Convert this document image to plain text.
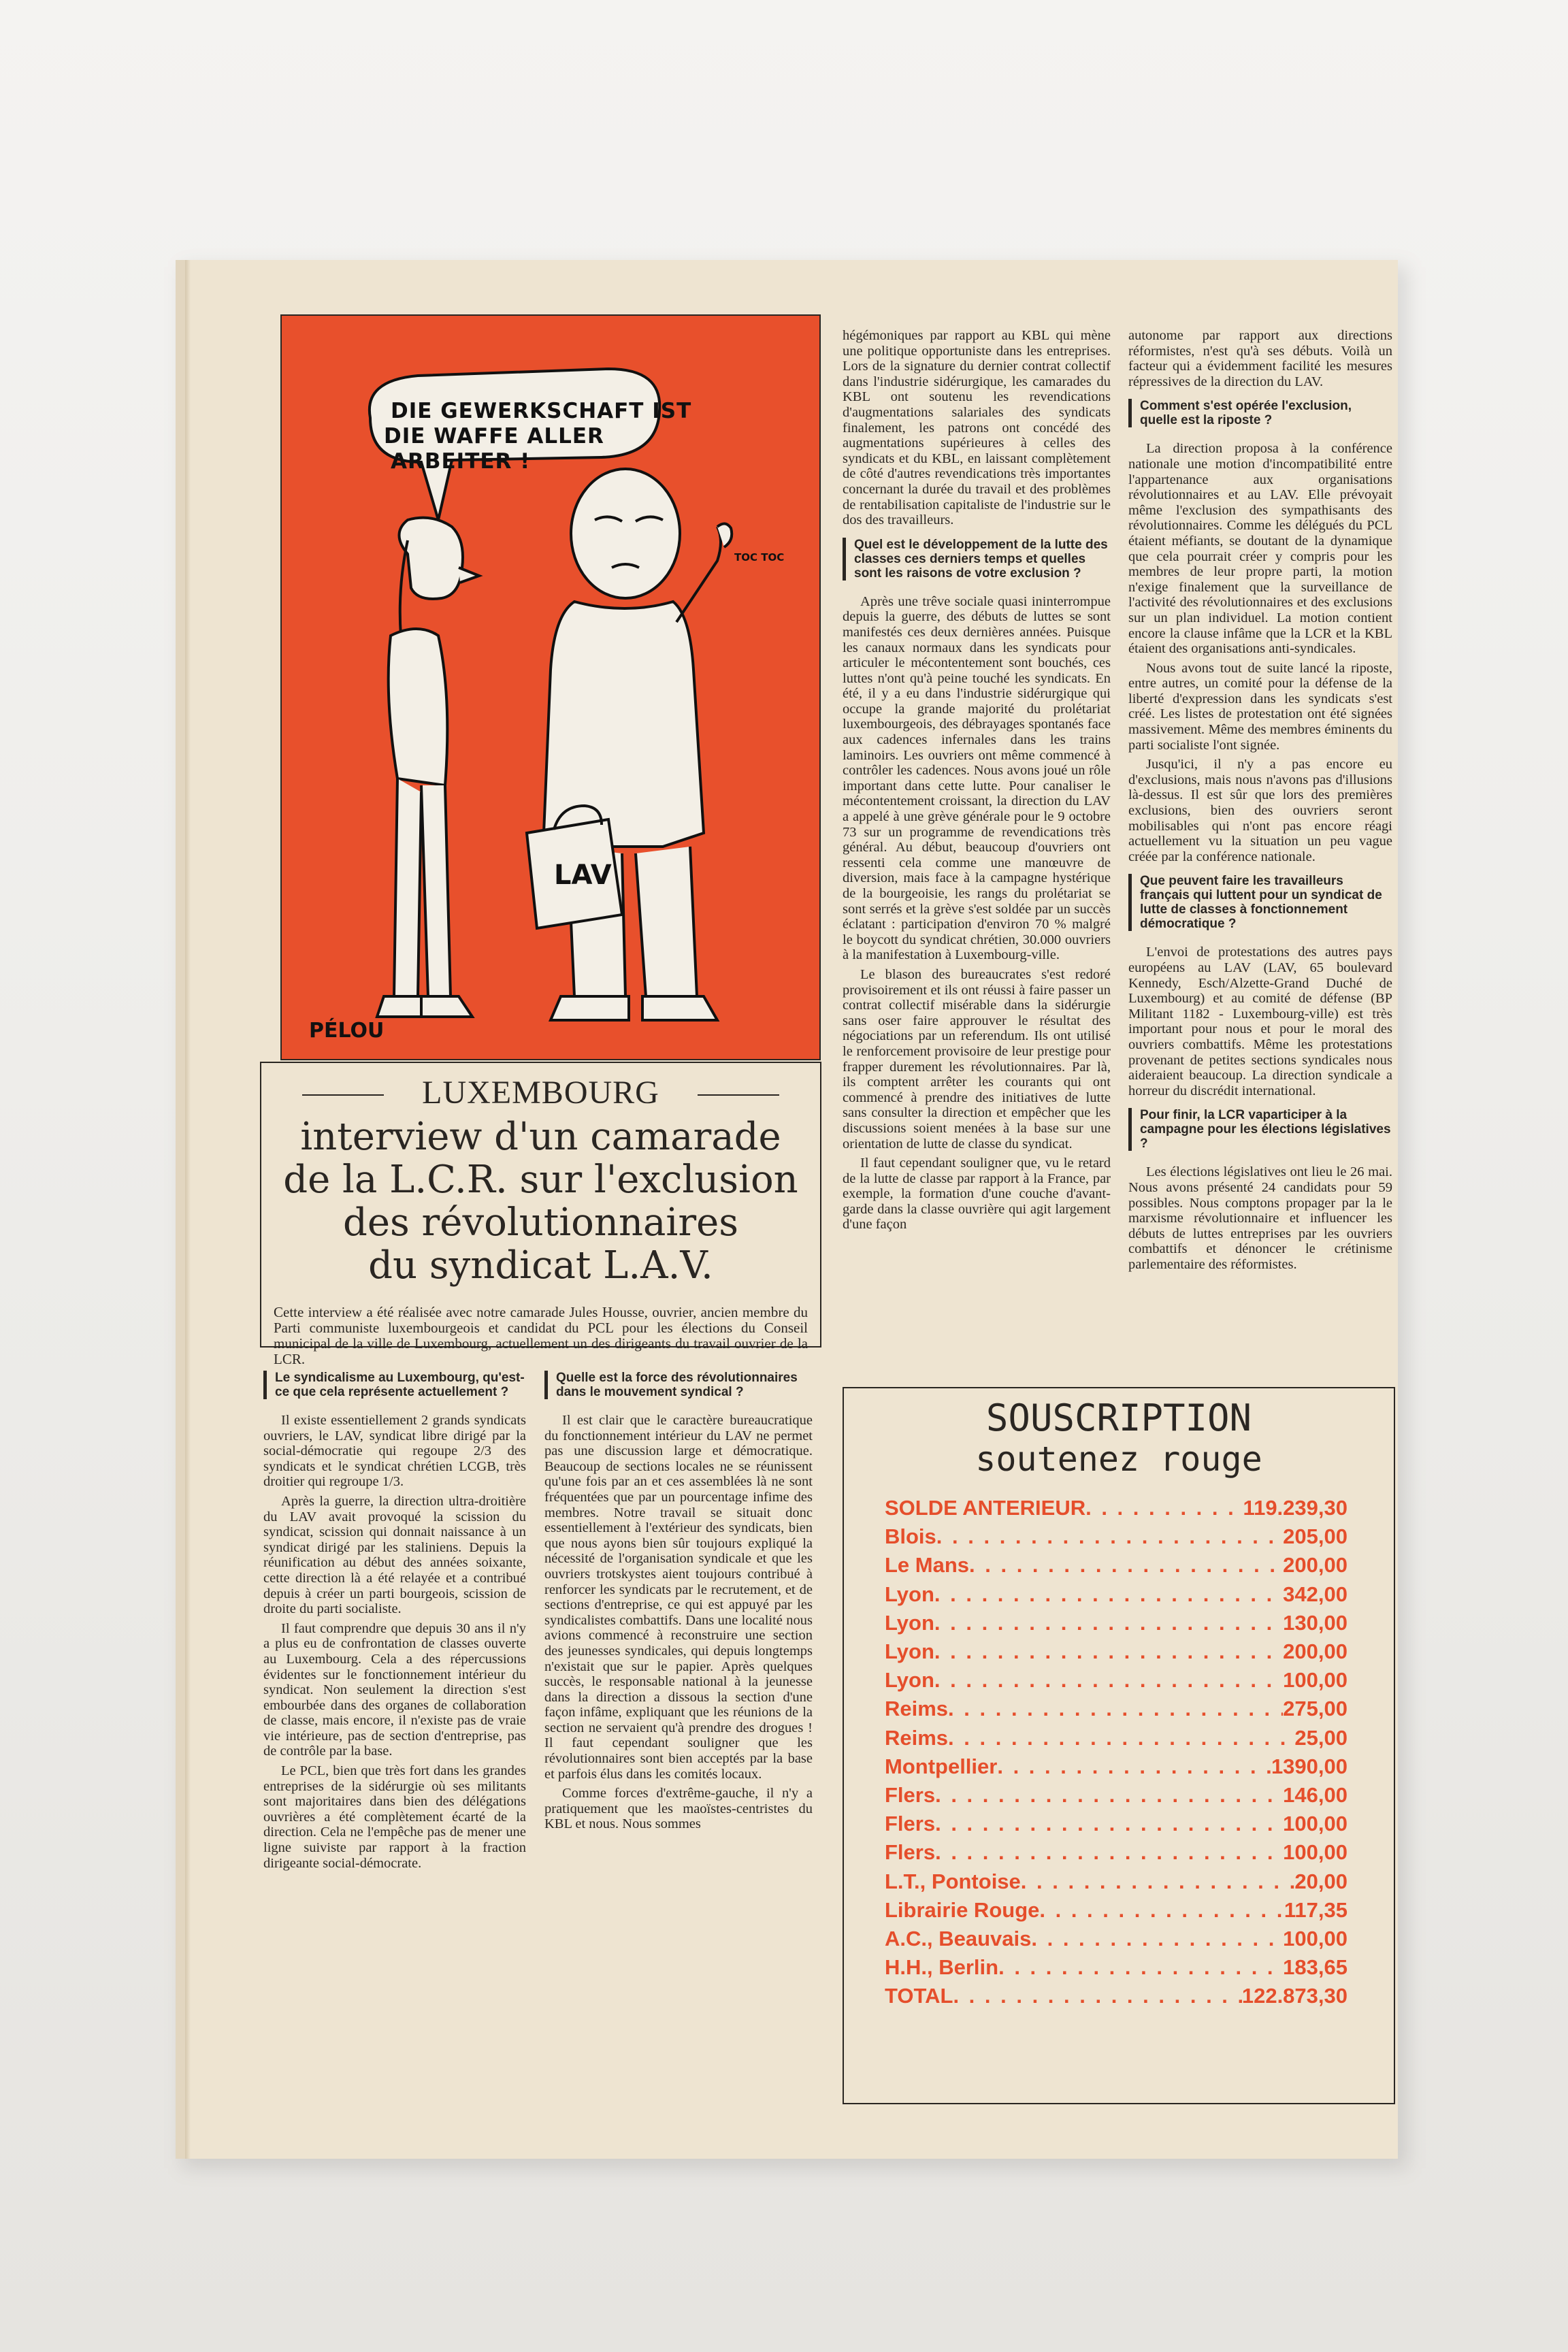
DIE GEWERKSCHAFT IST
DIE WAFFE ALLER
ARBEITER !
LAV
TOC TOC
PÉLOU
LUXEMBOURG
interview d'un camarade
de la L.C.R. sur l'exclusion
des révolutionnaires
du syndicat L.A.V.
Cette interview a été réalisée avec notre camarade Jules Housse, ouvrier, ancien membre du Parti communiste luxembourgeois et candidat du PCL pour les élections du Conseil municipal de la ville de Luxembourg, actuellement un des dirigeants du travail ouvrier de la LCR.
Le syndicalisme au Luxembourg, qu'est-ce que cela représente actuellement ?

Il existe essentiellement 2 grands syndicats ouvriers, le LAV, syndicat libre dirigé par la social-démocratie qui regoupe 2/3 des syndicats et le syndicat chrétien LCGB, très droitier qui regroupe 1/3.

Après la guerre, la direction ultra-droitière du LAV avait provoqué la scission du syndicat, scission qui donnait naissance à un syndicat dirigé par les staliniens. Depuis la réunification au début des années soixante, cette direction là a été relayée et a contribué depuis à créer un parti bourgeois, scission de droite du parti socialiste.

Il faut comprendre que depuis 30 ans il n'y a plus eu de confrontation de classes ouverte au Luxembourg. Cela a des répercussions évidentes sur le fonctionnement intérieur du syndicat. Non seulement la direction s'est embourbée dans des organes de collaboration de classe, mais encore, il n'existe pas de vraie vie intérieure, pas de section d'entreprise, pas de contrôle par la base.

Le PCL, bien que très fort dans les grandes entreprises de la sidérurgie où ses militants sont majoritaires dans bien des délégations ouvrières a été complètement écarté de la direction. Cela ne l'empêche pas de mener une ligne suiviste par rapport à la fraction dirigeante social-démocrate.

Quelle est la force des révolutionnaires dans le mouvement syndical ?

Il est clair que le caractère bureaucratique du fonctionnement intérieur du LAV ne permet pas une discussion large et démocratique. Beaucoup de sections locales ne se réunissent qu'une fois par an et ces assemblées là ne sont fréquentées que par un pourcentage infime des membres. Notre travail se situait donc essentiellement à l'extérieur des syndicats, bien que nous ayons bien sûr toujours expliqué la nécessité de l'organisation syndicale et que les ouvriers trotskystes aient toujours contribué à renforcer les syndicats par le recrutement, et de sections d'entreprise, ce qui est appuyé par les syndicalistes combattifs. Dans une localité nous avions commencé à reconstruire une section des jeunesses syndicales, qui depuis longtemps n'existait que sur le papier. Après quelques succès, le responsable national à la jeunesse dans la direction a dissous la section d'une façon infâme, expliquant que les réunions de la section ne servaient qu'à prendre des drogues ! Il faut cependant souligner que les révolutionnaires sont bien acceptés par la base et parfois élus dans les comités locaux.

Comme forces d'extrême-gauche, il n'y a pratiquement que les maoïstes-centristes du KBL et nous. Nous sommes

hégémoniques par rapport au KBL qui mène une politique opportuniste dans les entreprises. Lors de la signature du dernier contrat collectif dans l'industrie sidérurgique, les camarades du KBL ont soutenu les revendications d'augmentations salariales des syndicats finalement, les patrons ont concédé des augmentations supérieures à celles des syndicats et du KBL, en laissant complètement de côté d'autres revendications très importantes concernant la durée du travail et des problèmes de rentabilisation capitaliste de l'industrie sur le dos des travailleurs.

Quel est le développement de la lutte des classes ces derniers temps et quelles sont les raisons de votre exclusion ?

Après une trêve sociale quasi ininterrompue depuis la guerre, des débuts de luttes se sont manifestés ces deux dernières années. Puisque les canaux normaux dans les syndicats pour articuler le mécontentement sont bouchés, ces luttes n'ont qu'à peine touché les syndicats. En été, il y a eu dans l'industrie sidérurgique qui occupe la grande majorité du prolétariat luxembourgeois, des débrayages spontanés face aux cadences infernales dans les trains laminoirs. Les ouvriers ont même commencé à contrôler les cadences. Nous avons joué un rôle important dans cette lutte. Pour canaliser le mécontentement croissant, la direction du LAV a appelé à une grève générale pour le 9 octobre 73 sur un programme de revendications très général. Au début, beaucoup d'ouvriers ont ressenti cela comme une manœuvre de diversion, mais face à la campagne hystérique de la bourgeoisie, les rangs du prolétariat se sont serrés et la grève s'est soldée par un succès éclatant : participation d'environ 70 % malgré le boycott du syndicat chrétien, 30.000 ouvriers à la manifestation à Luxembourg-ville.

Le blason des bureaucrates s'est redoré provisoirement et ils ont réussi à faire passer un contrat collectif misérable dans la sidérurgie sans oser faire approuver le résultat des négociations par un referendum. Ils ont utilisé le renforcement provisoire de leur prestige pour frapper durement les révolutionnaires. Par là, ils comptent arrêter les courants qui ont commencé à prendre des initiatives de lutte sans consulter la direction et empêcher que les discussions soient menées à la base sur une orientation de lutte de classe du syndicat.

Il faut cependant souligner que, vu le retard de la lutte de classe par rapport à la France, par exemple, la formation d'une couche d'avant-garde dans la classe ouvrière qui agit largement d'une façon

autonome par rapport aux directions réformistes, n'est qu'à ses débuts. Voilà un facteur qui a évidemment facilité les mesures répressives de la direction du LAV.

Comment s'est opérée l'exclusion, quelle est la riposte ?

La direction proposa à la conférence nationale une motion d'incompatibilité entre l'appartenance aux organisations révolutionnaires et au LAV. Elle prévoyait même l'exclusion des sympathisants des révolutionnaires. Comme les délégués du PCL étaient méfiants, se doutant de la dynamique que cela pourrait créer y compris pour les membres de leur propre parti, la motion n'exige finalement que la surveillance de l'activité des révolutionnaires et des exclusions sur un plan individuel. La motion contient encore la clause infâme que la LCR et la KBL étaient des organisations anti-syndicales.

Nous avons tout de suite lancé la riposte, entre autres, un comité pour la défense de la liberté d'expression dans les syndicats s'est créé. Les listes de protestation ont été signées massivement. Même des membres éminents du parti socialiste l'ont signée.

Jusqu'ici, il n'y a pas encore eu d'exclusions, mais nous n'avons pas d'illusions là-dessus. Il est sûr que lors des premières exclusions, bien des ouvriers seront mobilisables qui n'ont pas encore réagi actuellement vu la situation un peu vague créée par la conférence nationale.

Que peuvent faire les travailleurs français qui luttent pour un syndicat de lutte de classes à fonctionnement démocratique ?

L'envoi de protestations des autres pays européens au LAV (LAV, 65 boulevard Kennedy, Esch/Alzette-Grand Duché de Luxembourg) et au comité de défense (BP Militant 1182 - Luxembourg-ville) est très important pour nous et pour le moral des ouvriers combattifs. Même les protestations provenant de petites sections syndicales nous aideraient beaucoup. La direction syndicale a horreur du discrédit international.

Pour finir, la LCR vaparticiper à la campagne pour les élections législatives ?

Les élections législatives ont lieu le 26 mai. Nous avons présenté 24 candidats pour 59 possibles. Nous comptons propager par la le marxisme révolutionnaire et influencer les débuts de luttes entreprises par les ouvriers combattifs et dénoncer le crétinisme parlementaire des réformistes.

SOUSCRIPTION
soutenez rouge
SOLDE ANTERIEUR . . .	119.239,30
Blois . . .	205,00
Le Mans . . .	200,00
Lyon . . .	342,00
Lyon . . .	130,00
Lyon . . .	200,00
Lyon . . .	100,00
Reims . . .	275,00
Reims . . .	25,00
Montpellier . . .	1390,00
Flers . . .	146,00
Flers . . .	100,00
Flers . . .	100,00
L.T., Pontoise . . .	20,00
Librairie Rouge . . .	117,35
A.C., Beauvais . . .	100,00
H.H., Berlin . . .	183,65
TOTAL . . .	122.873,30
